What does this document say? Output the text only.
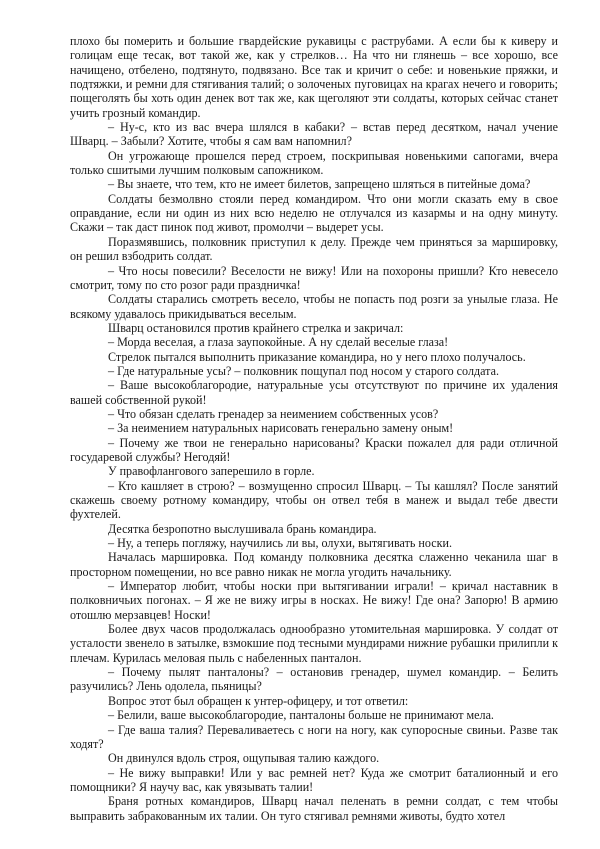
плохо бы померить и большие гвардейские рукавицы с раструбами. А если бы к киверу и голицам еще тесак, вот такой же, как у стрелков… На что ни глянешь – все хорошо, все начищено, отбелено, подтянуто, подвязано. Все так и кричит о себе: и новенькие пряжки, и подтяжки, и ремни для стягивания талий; о золоченых пуговицах на крагах нечего и говорить; пощеголять бы хоть один денек вот так же, как щеголяют эти солдаты, которых сейчас станет учить грозный командир.

– Ну-с, кто из вас вчера шлялся в кабаки? – встав перед десятком, начал учение Шварц. – Забыли? Хотите, чтобы я сам вам напомнил?

Он угрожающе прошелся перед строем, поскрипывая новенькими сапогами, вчера только сшитыми лучшим полковым сапожником.

– Вы знаете, что тем, кто не имеет билетов, запрещено шляться в питейные дома?

Солдаты безмолвно стояли перед командиром. Что они могли сказать ему в свое оправдание, если ни один из них всю неделю не отлучался из казармы и на одну минуту. Скажи – так даст пинок под живот, промолчи – выдерет усы.

Поразмявшись, полковник приступил к делу. Прежде чем приняться за маршировку, он решил взбодрить солдат.

– Что носы повесили? Веселости не вижу! Или на похороны пришли? Кто невесело смотрит, тому по сто розог ради праздничка!

Солдаты старались смотреть весело, чтобы не попасть под розги за унылые глаза. Не всякому удавалось прикидываться веселым.

Шварц остановился против крайнего стрелка и закричал:

– Морда веселая, а глаза заупокойные. А ну сделай веселые глаза!

Стрелок пытался выполнить приказание командира, но у него плохо получалось.

– Где натуральные усы? – полковник пощупал под носом у старого солдата.

– Ваше высокоблагородие, натуральные усы отсутствуют по причине их удаления вашей собственной рукой!

– Что обязан сделать гренадер за неимением собственных усов?

– За неимением натуральных нарисовать генерально замену оным!

– Почему же твои не генерально нарисованы? Краски пожалел для ради отличной государевой службы? Негодяй!

У правофлангового заперешило в горле.

– Кто кашляет в строю? – возмущенно спросил Шварц. – Ты кашлял? После занятий скажешь своему ротному командиру, чтобы он отвел тебя в манеж и выдал тебе двести фухтелей.

Десятка безропотно выслушивала брань командира.

– Ну, а теперь погляжу, научились ли вы, олухи, вытягивать носки.

Началась маршировка. Под команду полковника десятка слаженно чеканила шаг в просторном помещении, но все равно никак не могла угодить начальнику.

– Император любит, чтобы носки при вытягивании играли! – кричал наставник в полковничьих погонах. – Я же не вижу игры в носках. Не вижу! Где она? Запорю! В армию отошлю мерзавцев! Носки!

Более двух часов продолжалась однообразно утомительная маршировка. У солдат от усталости звенело в затылке, взмокшие под тесными мундирами нижние рубашки прилипли к плечам. Курилась меловая пыль с набеленных панталон.

– Почему пылят панталоны? – остановив гренадер, шумел командир. – Белить разучились? Лень одолела, пьяницы?

Вопрос этот был обращен к унтер-офицеру, и тот ответил:

– Белили, ваше высокоблагородие, панталоны больше не принимают мела.

– Где ваша талия? Переваливаетесь с ноги на ногу, как супоросные свиньи. Разве так ходят?

Он двинулся вдоль строя, ощупывая талию каждого.

– Не вижу выправки! Или у вас ремней нет? Куда же смотрит баталионный и его помощники? Я научу вас, как увязывать талии!

Браня ротных командиров, Шварц начал пеленать в ремни солдат, с тем чтобы выправить забракованным их талии. Он туго стягивал ремнями животы, будто хотел
